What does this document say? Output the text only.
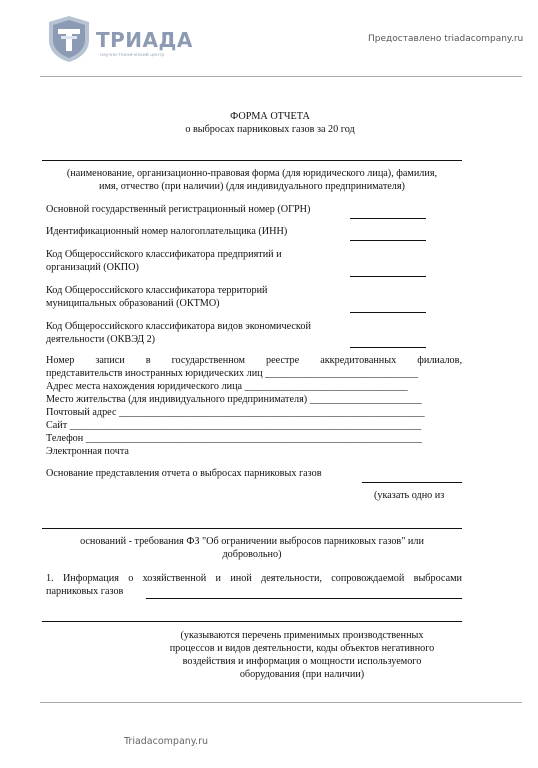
ТРИАДА
научно-технический центр
Предоставлено triadacompany.ru
ФОРМА ОТЧЕТА
о выбросах парниковых газов за 20 год
(наименование, организационно-правовая форма (для юридического лица), фамилия,
имя, отчество (при наличии) (для индивидуального предпринимателя)
Основной государственный регистрационный номер (ОГРН)
Идентификационный номер налогоплательщика (ИНН)
Код Общероссийского классификатора предприятий и
организаций (ОКПО)
Код Общероссийского классификатора территорий
муниципальных образований (ОКТМО)
Код Общероссийского классификатора видов экономической
деятельности (ОКВЭД 2)
Номер записи в государственном реестре аккредитованных филиалов,
представительств иностранных юридических лиц ______________________________
Адрес места нахождения юридического лица ________________________________
Место жительства (для индивидуального предпринимателя) ______________________
Почтовый адрес ____________________________________________________________
Сайт _____________________________________________________________________
Телефон __________________________________________________________________
Электронная почта
Основание представления отчета о выбросах парниковых газов
(указать одно из
оснований - требования ФЗ "Об ограничении выбросов парниковых газов" или
добровольно)
1. Информация о хозяйственной и иной деятельности, сопровождаемой выбросами
парниковых газов
(указываются перечень применимых производственных
процессов и видов деятельности, коды объектов негативного
воздействия и информация о мощности используемого
оборудования (при наличии)
Triadacompany.ru
